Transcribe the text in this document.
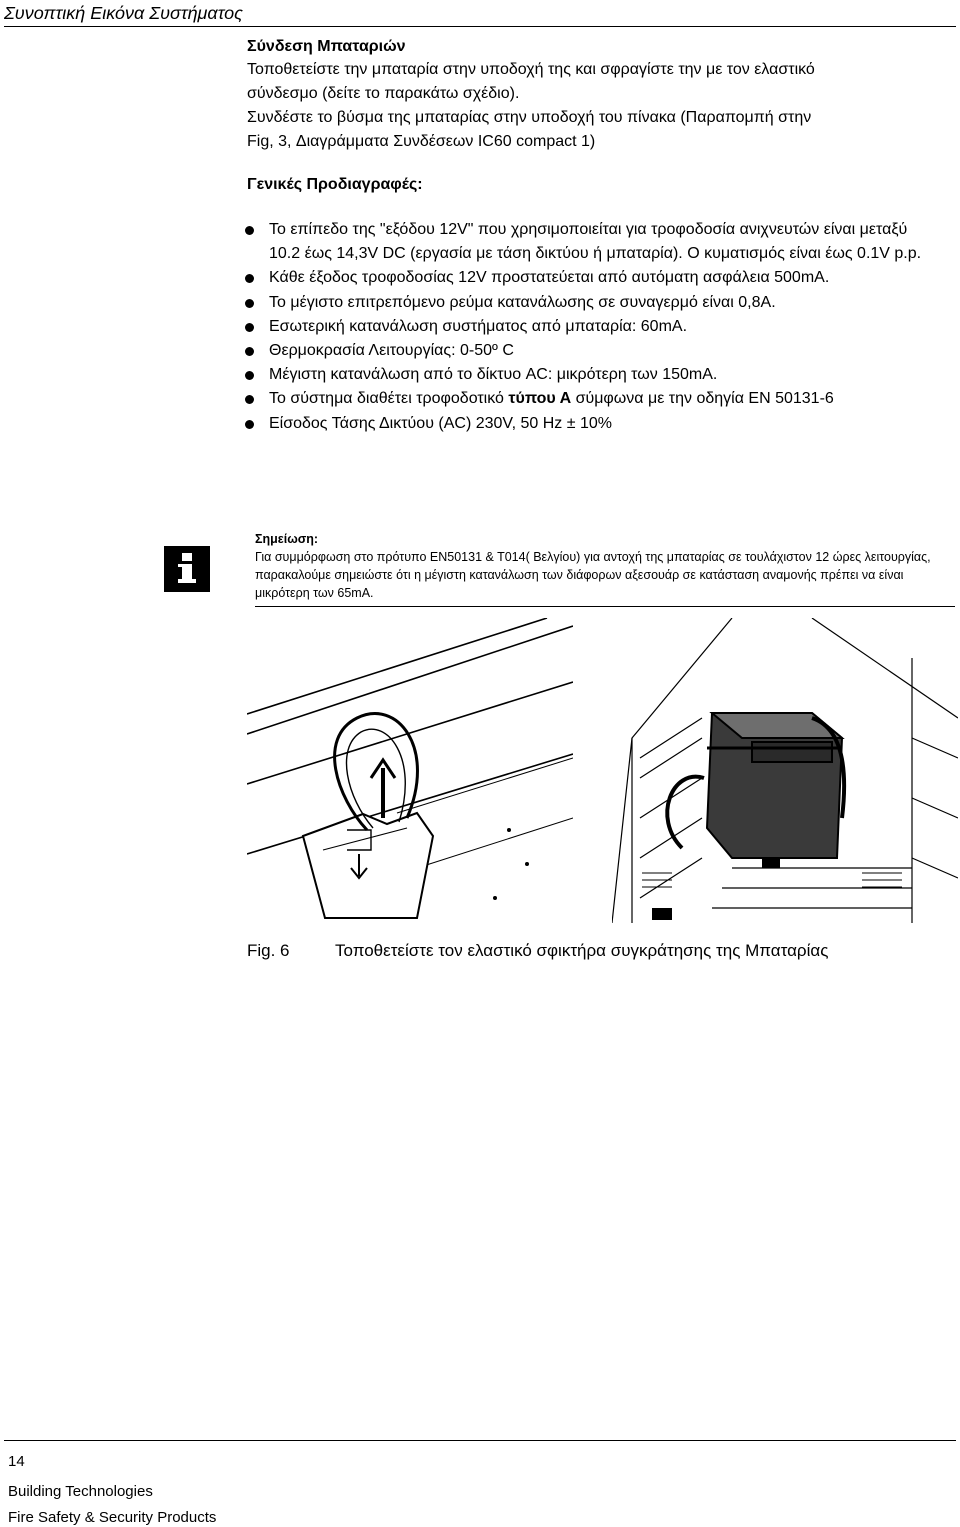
Συνοπτική Εικόνα Συστήματος

Σύνδεση Μπαταριών

Τοποθετείστε την μπαταρία στην υποδοχή της και σφραγίστε την με τον ελαστικό

σύνδεσμο (δείτε το παρακάτω σχέδιο).

Συνδέστε το βύσμα της μπαταρίας στην υποδοχή του πίνακα (Παραπομπή στην

Fig, 3, Διαγράμματα Συνδέσεων IC60 compact 1)

Γενικές Προδιαγραφές:
Το επίπεδο της "εξόδου 12V" που χρησιμοποιείται για τροφοδοσία ανιχνευτών είναι μεταξύ 10.2 έως 14,3V DC (εργασία με τάση δικτύου ή μπαταρία). Ο κυματισμός είναι έως 0.1V p.p.
Κάθε έξοδος τροφοδοσίας 12V προστατεύεται από αυτόματη ασφάλεια 500mA.
Το μέγιστο επιτρεπόμενο ρεύμα κατανάλωσης σε συναγερμό είναι 0,8A.
Εσωτερική κατανάλωση συστήματος από μπαταρία: 60mA.
Θερμοκρασία Λειτουργίας: 0-50º C
Μέγιστη κατανάλωση από το δίκτυο AC: μικρότερη των 150mA.
Το σύστημα διαθέτει τροφοδοτικό τύπου Α σύμφωνα με την οδηγία EN 50131-6
Είσοδος Τάσης Δικτύου (AC) 230V, 50 Hz ± 10%
Σημείωση:
Για συμμόρφωση στο πρότυπο EN50131 & T014( Βελγίου) για αντοχή της μπαταρίας σε τουλάχιστον 12 ώρες λειτουργίας, παρακαλούμε σημειώστε ότι η μέγιστη κατανάλωση των διάφορων αξεσουάρ σε κατάσταση αναμονής πρέπει να είναι μικρότερη των 65mA.
Fig. 6	Τοποθετείστε τον ελαστικό σφικτήρα συγκράτησης της Μπαταρίας
14
Building Technologies
Fire Safety & Security Products
